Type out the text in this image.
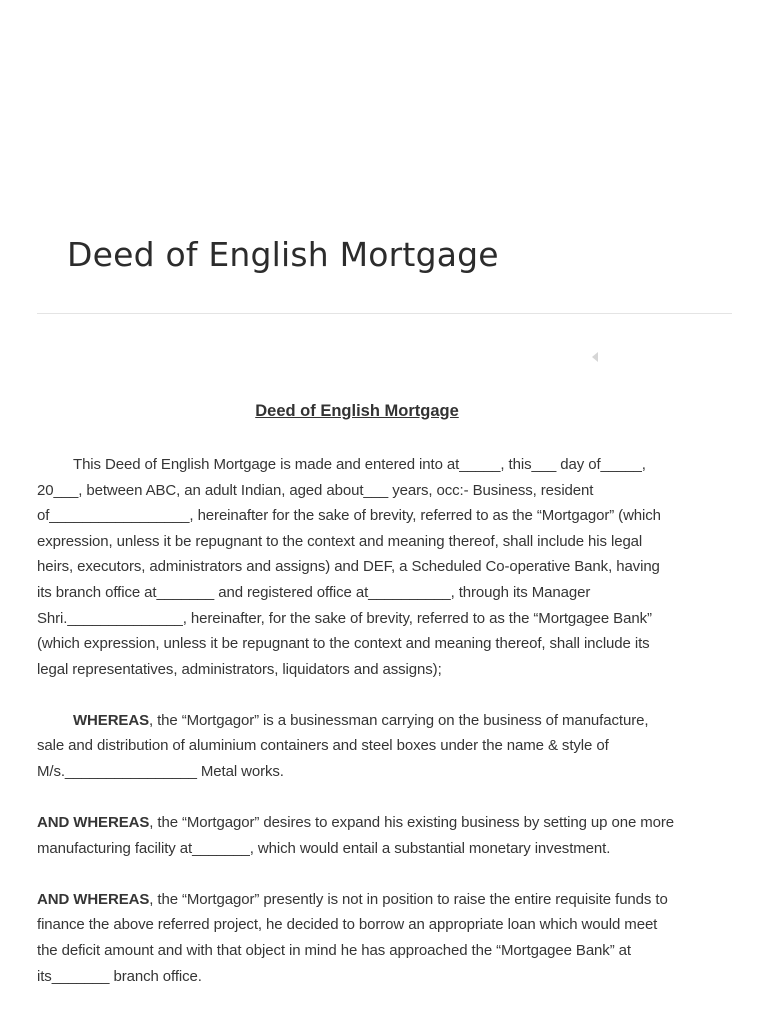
Deed of English Mortgage

Deed of English Mortgage

This Deed of English Mortgage is made and entered into at_____, this___ day of_____, 20___, between ABC, an adult Indian, aged about___ years, occ:- Business, resident of_________________, hereinafter for the sake of brevity, referred to as the “Mortgagor” (which expression, unless it be repugnant to the context and meaning thereof, shall include his legal heirs, executors, administrators and assigns) and DEF, a Scheduled Co-operative Bank, having its branch office at_______ and registered office at__________, through its Manager Shri.______________, hereinafter, for the sake of brevity, referred to as the “Mortgagee Bank” (which expression, unless it be repugnant to the context and meaning thereof, shall include its legal representatives, administrators, liquidators and assigns);

WHEREAS, the “Mortgagor” is a businessman carrying on the business of manufacture, sale and distribution of aluminium containers and steel boxes under the name & style of M/s.________________ Metal works.

AND WHEREAS, the “Mortgagor” desires to expand his existing business by setting up one more manufacturing facility at_______, which would entail a substantial monetary investment.

AND WHEREAS, the “Mortgagor” presently is not in position to raise the entire requisite funds to finance the above referred project, he decided to borrow an appropriate loan which would meet the deficit amount and with that object in mind he has approached the “Mortgagee Bank” at its_______ branch office.
